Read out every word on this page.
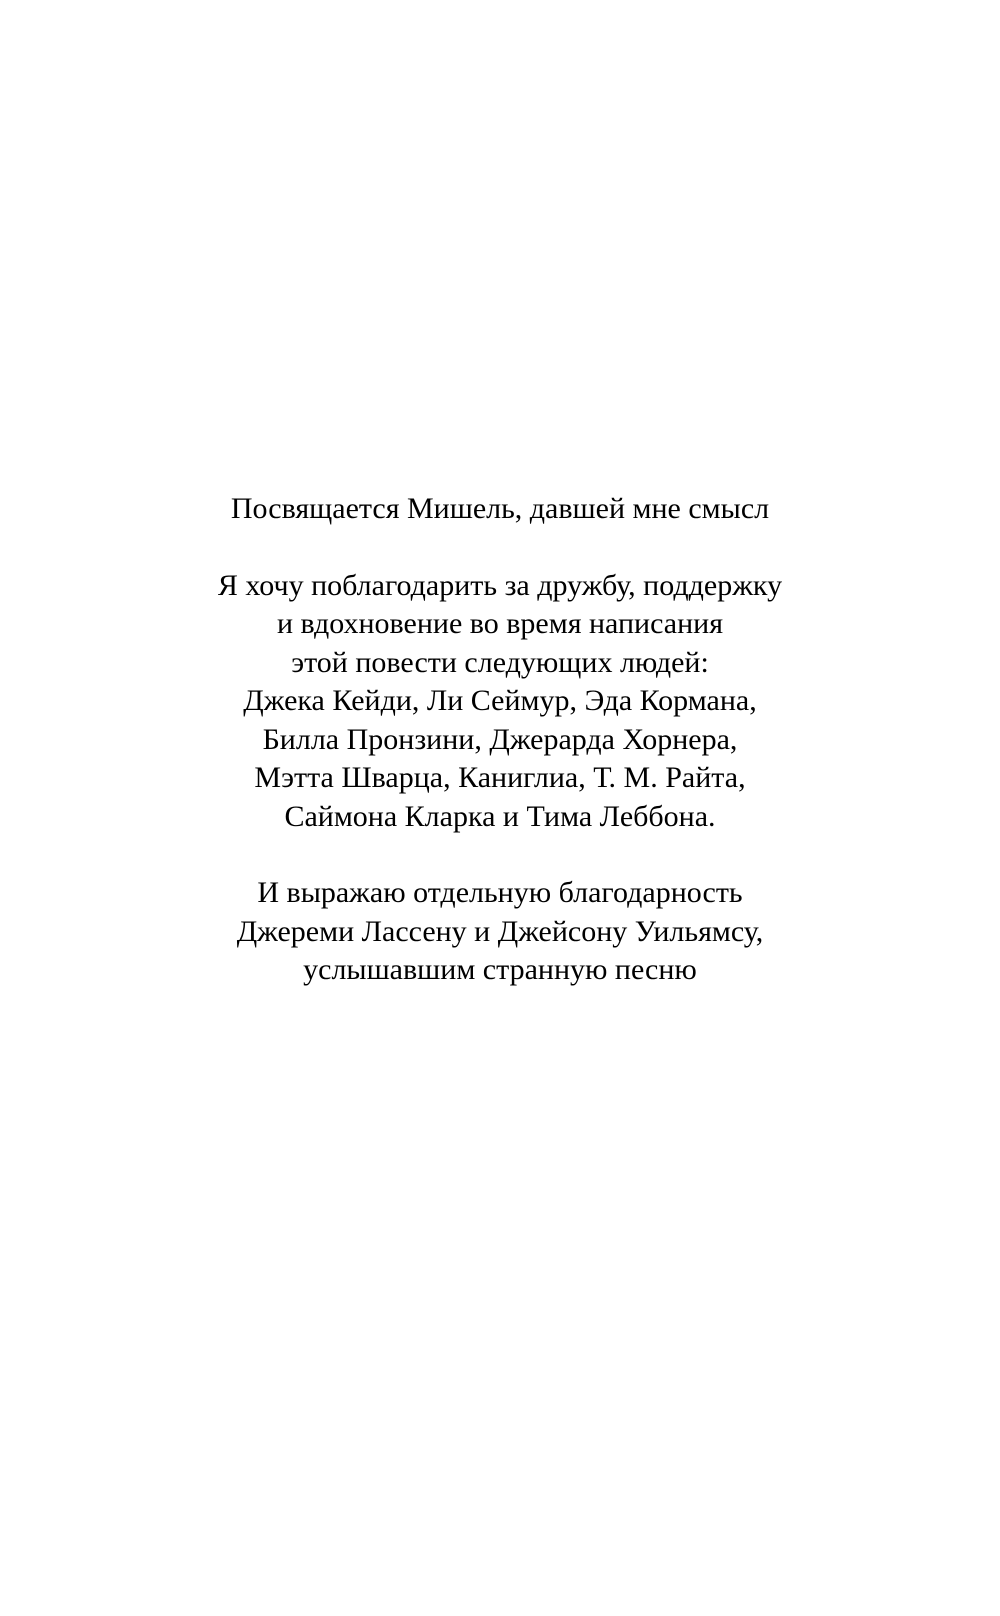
Посвящается Мишель, давшей мне смысл

Я хочу поблагодарить за дружбу, поддержку
и вдохновение во время написания
этой повести следующих людей:
Джека Кейди, Ли Сеймур, Эда Кормана,
Билла Пронзини, Джерарда Хорнера,
Мэтта Шварца, Каниглиа, Т. М. Райта,
Саймона Кларка и Тима Леббона.

И выражаю отдельную благодарность
Джереми Лассену и Джейсону Уильямсу,
услышавшим странную песню
